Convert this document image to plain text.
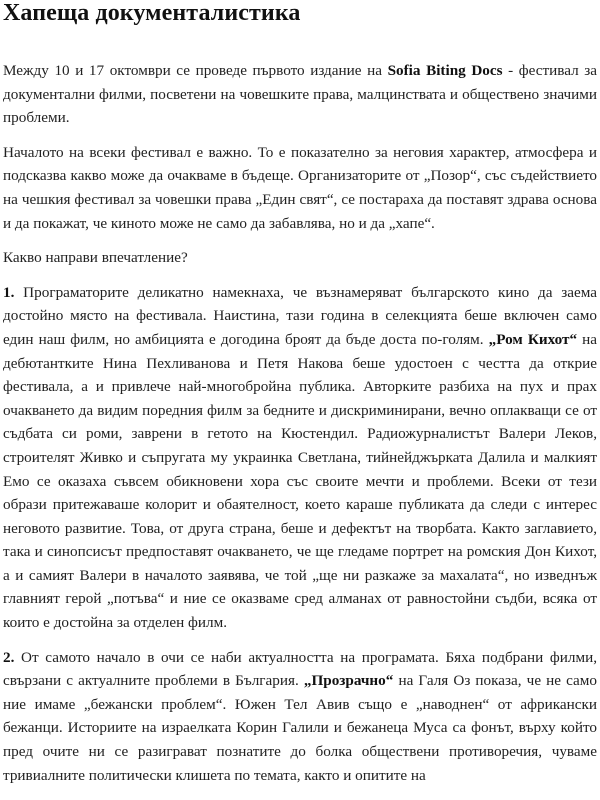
Хапеща документалистика

Между 10 и 17 октомври се проведе първото издание на Sofia Biting Docs - фестивал за документални филми, посветени на човешките права, малцинствата и обществено значими проблеми.

Началото на всеки фестивал е важно. То е показателно за неговия характер, атмосфера и подсказва какво може да очакваме в бъдеще. Организаторите от „Позор“, със съдействието на чешкия фестивал за човешки права „Един свят“, се постараха да поставят здрава основа и да покажат, че киното може не само да забавлява, но и да „хапе“.

Какво направи впечатление?

1. Програматорите деликатно намекнаха, че възнамеряват българското кино да заема достойно място на фестивала. Наистина, тази година в селекцията беше включен само един наш филм, но амбицията е догодина броят да бъде доста по-голям. „Ром Кихот“ на дебютантките Нина Пехливанова и Петя Накова беше удостоен с честта да открие фестивала, а и привлече най-многобройна публика. Авторките разбиха на пух и прах очакването да видим поредния филм за бедните и дискриминирани, вечно оплакващи се от съдбата си роми, заврени в гетото на Кюстендил. Радиожурналистът Валери Леков, строителят Живко и съпругата му украинка Светлана, тийнейджърката Далила и малкият Емо се оказаха съвсем обикновени хора със своите мечти и проблеми. Всеки от тези образи притежаваше колорит и обаятелност, което караше публиката да следи с интерес неговото развитие. Това, от друга страна, беше и дефектът на творбата. Както заглавието, така и синопсисът предпоставят очакването, че ще гледаме портрет на ромския Дон Кихот, а и самият Валери в началото заявява, че той „ще ни разкаже за махалата“, но изведнъж главният герой „потъва“ и ние се оказваме сред алманах от равностойни съдби, всяка от които е достойна за отделен филм.

2. От самото начало в очи се наби актуалността на програмата. Бяха подбрани филми, свързани с актуалните проблеми в България. „Прозрачно“ на Галя Оз показа, че не само ние имаме „бежански проблем“. Южен Тел Авив също е „наводнен“ от африкански бежанци. Историите на израелката Корин Галили и бежанеца Муса са фонът, върху който пред очите ни се разиграват познатите до болка обществени противоречия, чуваме тривиалните политически клишета по темата, както и опитите на
